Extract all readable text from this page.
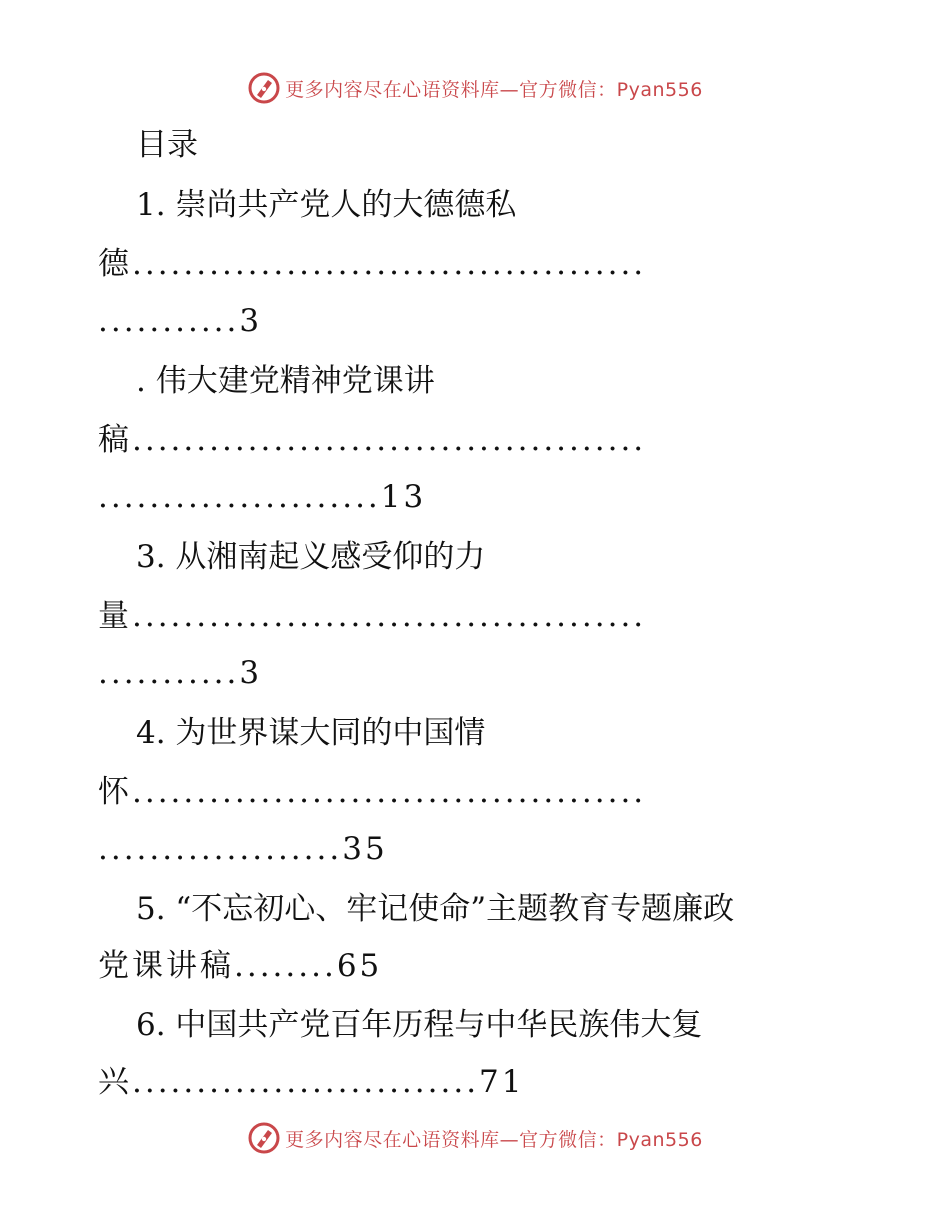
更多内容尽在心语资料库—官方微信：Pyan556
目录
1. 崇尚共产党人的大德德私
德........................................
...........3
. 伟大建党精神党课讲
稿........................................
......................13
3. 从湘南起义感受仰的力
量........................................
...........3
4. 为世界谋大同的中国情
怀........................................
...................35
5. “不忘初心、牢记使命”主题教育专题廉政
党课讲稿........65
6. 中国共产党百年历程与中华民族伟大复
兴...........................71
更多内容尽在心语资料库—官方微信：Pyan556
